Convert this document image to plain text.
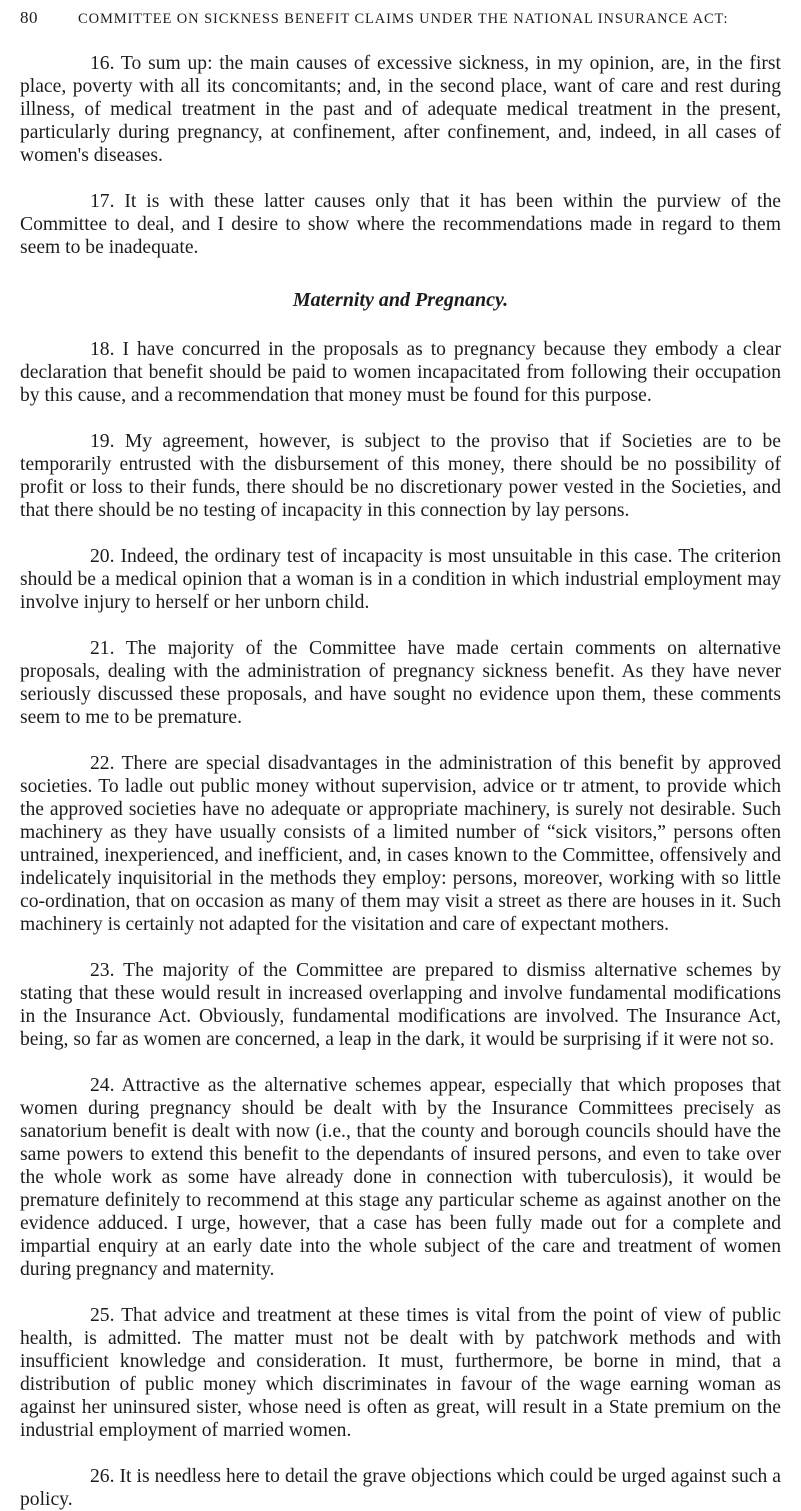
80	COMMITTEE ON SICKNESS BENEFIT CLAIMS UNDER THE NATIONAL INSURANCE ACT:

16. To sum up: the main causes of excessive sickness, in my opinion, are, in the first place, poverty with all its concomitants; and, in the second place, want of care and rest during illness, of medical treatment in the past and of adequate medical treatment in the present, particularly during pregnancy, at confinement, after confinement, and, indeed, in all cases of women's diseases.

17. It is with these latter causes only that it has been within the purview of the Committee to deal, and I desire to show where the recommendations made in regard to them seem to be inadequate.

Maternity and Pregnancy.

18. I have concurred in the proposals as to pregnancy because they embody a clear declaration that benefit should be paid to women incapacitated from following their occupation by this cause, and a recommendation that money must be found for this purpose.

19. My agreement, however, is subject to the proviso that if Societies are to be temporarily entrusted with the disbursement of this money, there should be no possibility of profit or loss to their funds, there should be no discretionary power vested in the Societies, and that there should be no testing of incapacity in this connection by lay persons.

20. Indeed, the ordinary test of incapacity is most unsuitable in this case. The criterion should be a medical opinion that a woman is in a condition in which industrial employment may involve injury to herself or her unborn child.

21. The majority of the Committee have made certain comments on alternative proposals, dealing with the administration of pregnancy sickness benefit. As they have never seriously discussed these proposals, and have sought no evidence upon them, these comments seem to me to be premature.

22. There are special disadvantages in the administration of this benefit by approved societies. To ladle out public money without supervision, advice or tr atment, to provide which the approved societies have no adequate or appropriate machinery, is surely not desirable. Such machinery as they have usually consists of a limited number of “sick visitors,” persons often untrained, inexperienced, and inefficient, and, in cases known to the Committee, offensively and indelicately inquisitorial in the methods they employ: persons, moreover, working with so little co-ordination, that on occasion as many of them may visit a street as there are houses in it. Such machinery is certainly not adapted for the visitation and care of expectant mothers.

23. The majority of the Committee are prepared to dismiss alternative schemes by stating that these would result in increased overlapping and involve fundamental modifications in the Insurance Act. Obviously, fundamental modifications are involved. The Insurance Act, being, so far as women are concerned, a leap in the dark, it would be surprising if it were not so.

24. Attractive as the alternative schemes appear, especially that which proposes that women during pregnancy should be dealt with by the Insurance Committees precisely as sanatorium benefit is dealt with now (i.e., that the county and borough councils should have the same powers to extend this benefit to the dependants of insured persons, and even to take over the whole work as some have already done in connection with tuberculosis), it would be premature definitely to recommend at this stage any particular scheme as against another on the evidence adduced. I urge, however, that a case has been fully made out for a complete and impartial enquiry at an early date into the whole subject of the care and treatment of women during pregnancy and maternity.

25. That advice and treatment at these times is vital from the point of view of public health, is admitted. The matter must not be dealt with by patchwork methods and with insufficient knowledge and consideration. It must, furthermore, be borne in mind, that a distribution of public money which discriminates in favour of the wage earning woman as against her uninsured sister, whose need is often as great, will result in a State premium on the industrial employment of married women.

26. It is needless here to detail the grave objections which could be urged against such a policy.
